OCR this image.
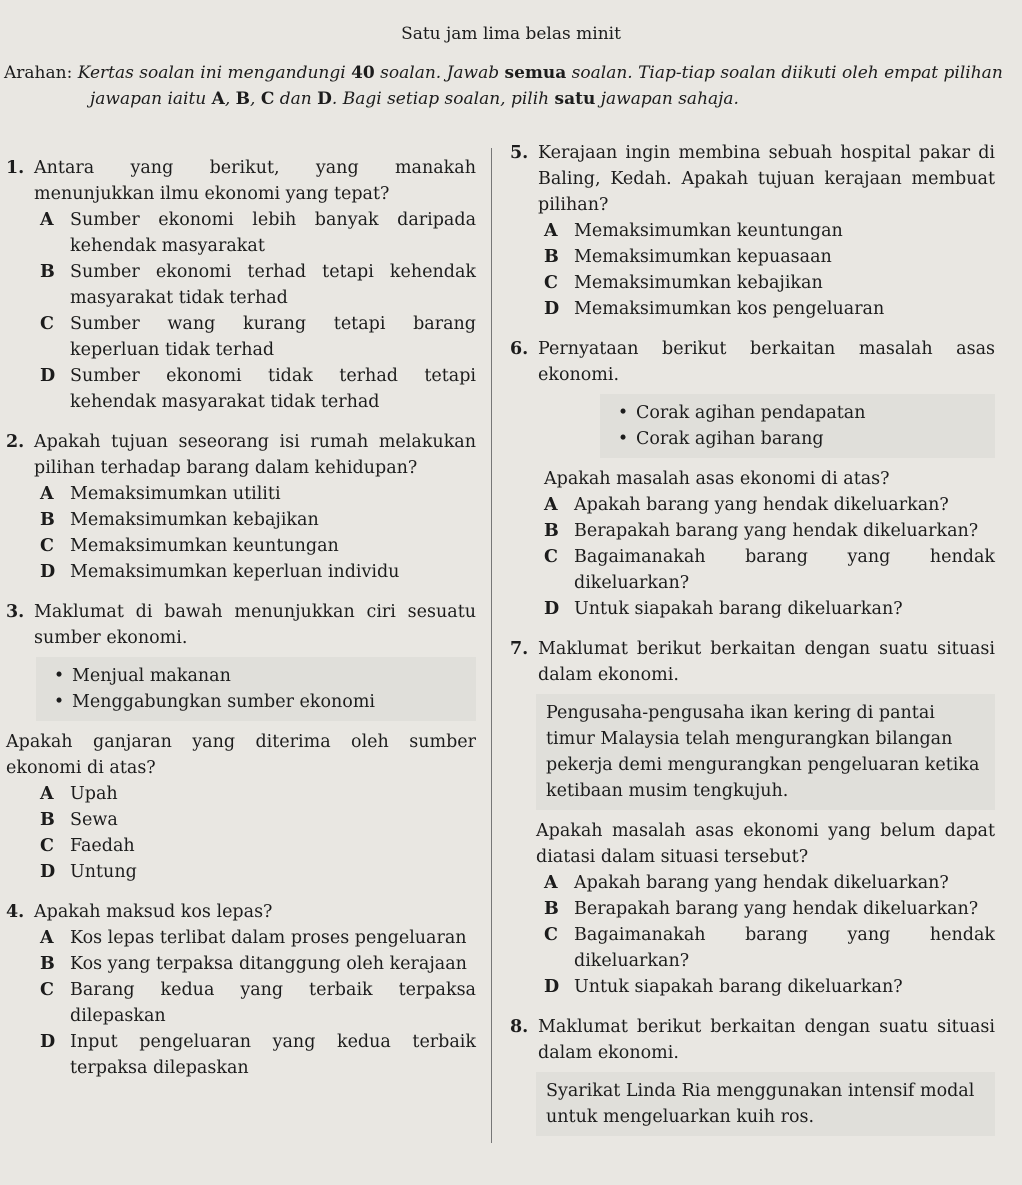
Satu jam lima belas minit
Arahan: Kertas soalan ini mengandungi 40 soalan. Jawab semua soalan. Tiap-tiap soalan diikuti oleh empat pilihan
jawapan iaitu A, B, C dan D. Bagi setiap soalan, pilih satu jawapan sahaja.
1. Antara yang berikut, yang manakah menunjukkan ilmu ekonomi yang tepat?
A Sumber ekonomi lebih banyak daripada kehendak masyarakat
B Sumber ekonomi terhad tetapi kehendak masyarakat tidak terhad
C Sumber wang kurang tetapi barang keperluan tidak terhad
D Sumber ekonomi tidak terhad tetapi kehendak masyarakat tidak terhad
2. Apakah tujuan seseorang isi rumah melakukan pilihan terhadap barang dalam kehidupan?
A Memaksimumkan utiliti
B Memaksimumkan kebajikan
C Memaksimumkan keuntungan
D Memaksimumkan keperluan individu
3. Maklumat di bawah menunjukkan ciri sesuatu sumber ekonomi.
• Menjual makanan
• Menggabungkan sumber ekonomi
Apakah ganjaran yang diterima oleh sumber ekonomi di atas?
A Upah
B Sewa
C Faedah
D Untung
4. Apakah maksud kos lepas?
A Kos lepas terlibat dalam proses pengeluaran
B Kos yang terpaksa ditanggung oleh kerajaan
C Barang kedua yang terbaik terpaksa dilepaskan
D Input pengeluaran yang kedua terbaik terpaksa dilepaskan
5. Kerajaan ingin membina sebuah hospital pakar di Baling, Kedah. Apakah tujuan kerajaan membuat pilihan?
A Memaksimumkan keuntungan
B Memaksimumkan kepuasaan
C Memaksimumkan kebajikan
D Memaksimumkan kos pengeluaran
6. Pernyataan berikut berkaitan masalah asas ekonomi.
• Corak agihan pendapatan
• Corak agihan barang
Apakah masalah asas ekonomi di atas?
A Apakah barang yang hendak dikeluarkan?
B Berapakah barang yang hendak dikeluarkan?
C Bagaimanakah barang yang hendak dikeluarkan?
D Untuk siapakah barang dikeluarkan?
7. Maklumat berikut berkaitan dengan suatu situasi dalam ekonomi.
Pengusaha-pengusaha ikan kering di pantai timur Malaysia telah mengurangkan bilangan pekerja demi mengurangkan pengeluaran ketika ketibaan musim tengkujuh.
Apakah masalah asas ekonomi yang belum dapat diatasi dalam situasi tersebut?
A Apakah barang yang hendak dikeluarkan?
B Berapakah barang yang hendak dikeluarkan?
C Bagaimanakah barang yang hendak dikeluarkan?
D Untuk siapakah barang dikeluarkan?
8. Maklumat berikut berkaitan dengan suatu situasi dalam ekonomi.
Syarikat Linda Ria menggunakan intensif modal untuk mengeluarkan kuih ros.
